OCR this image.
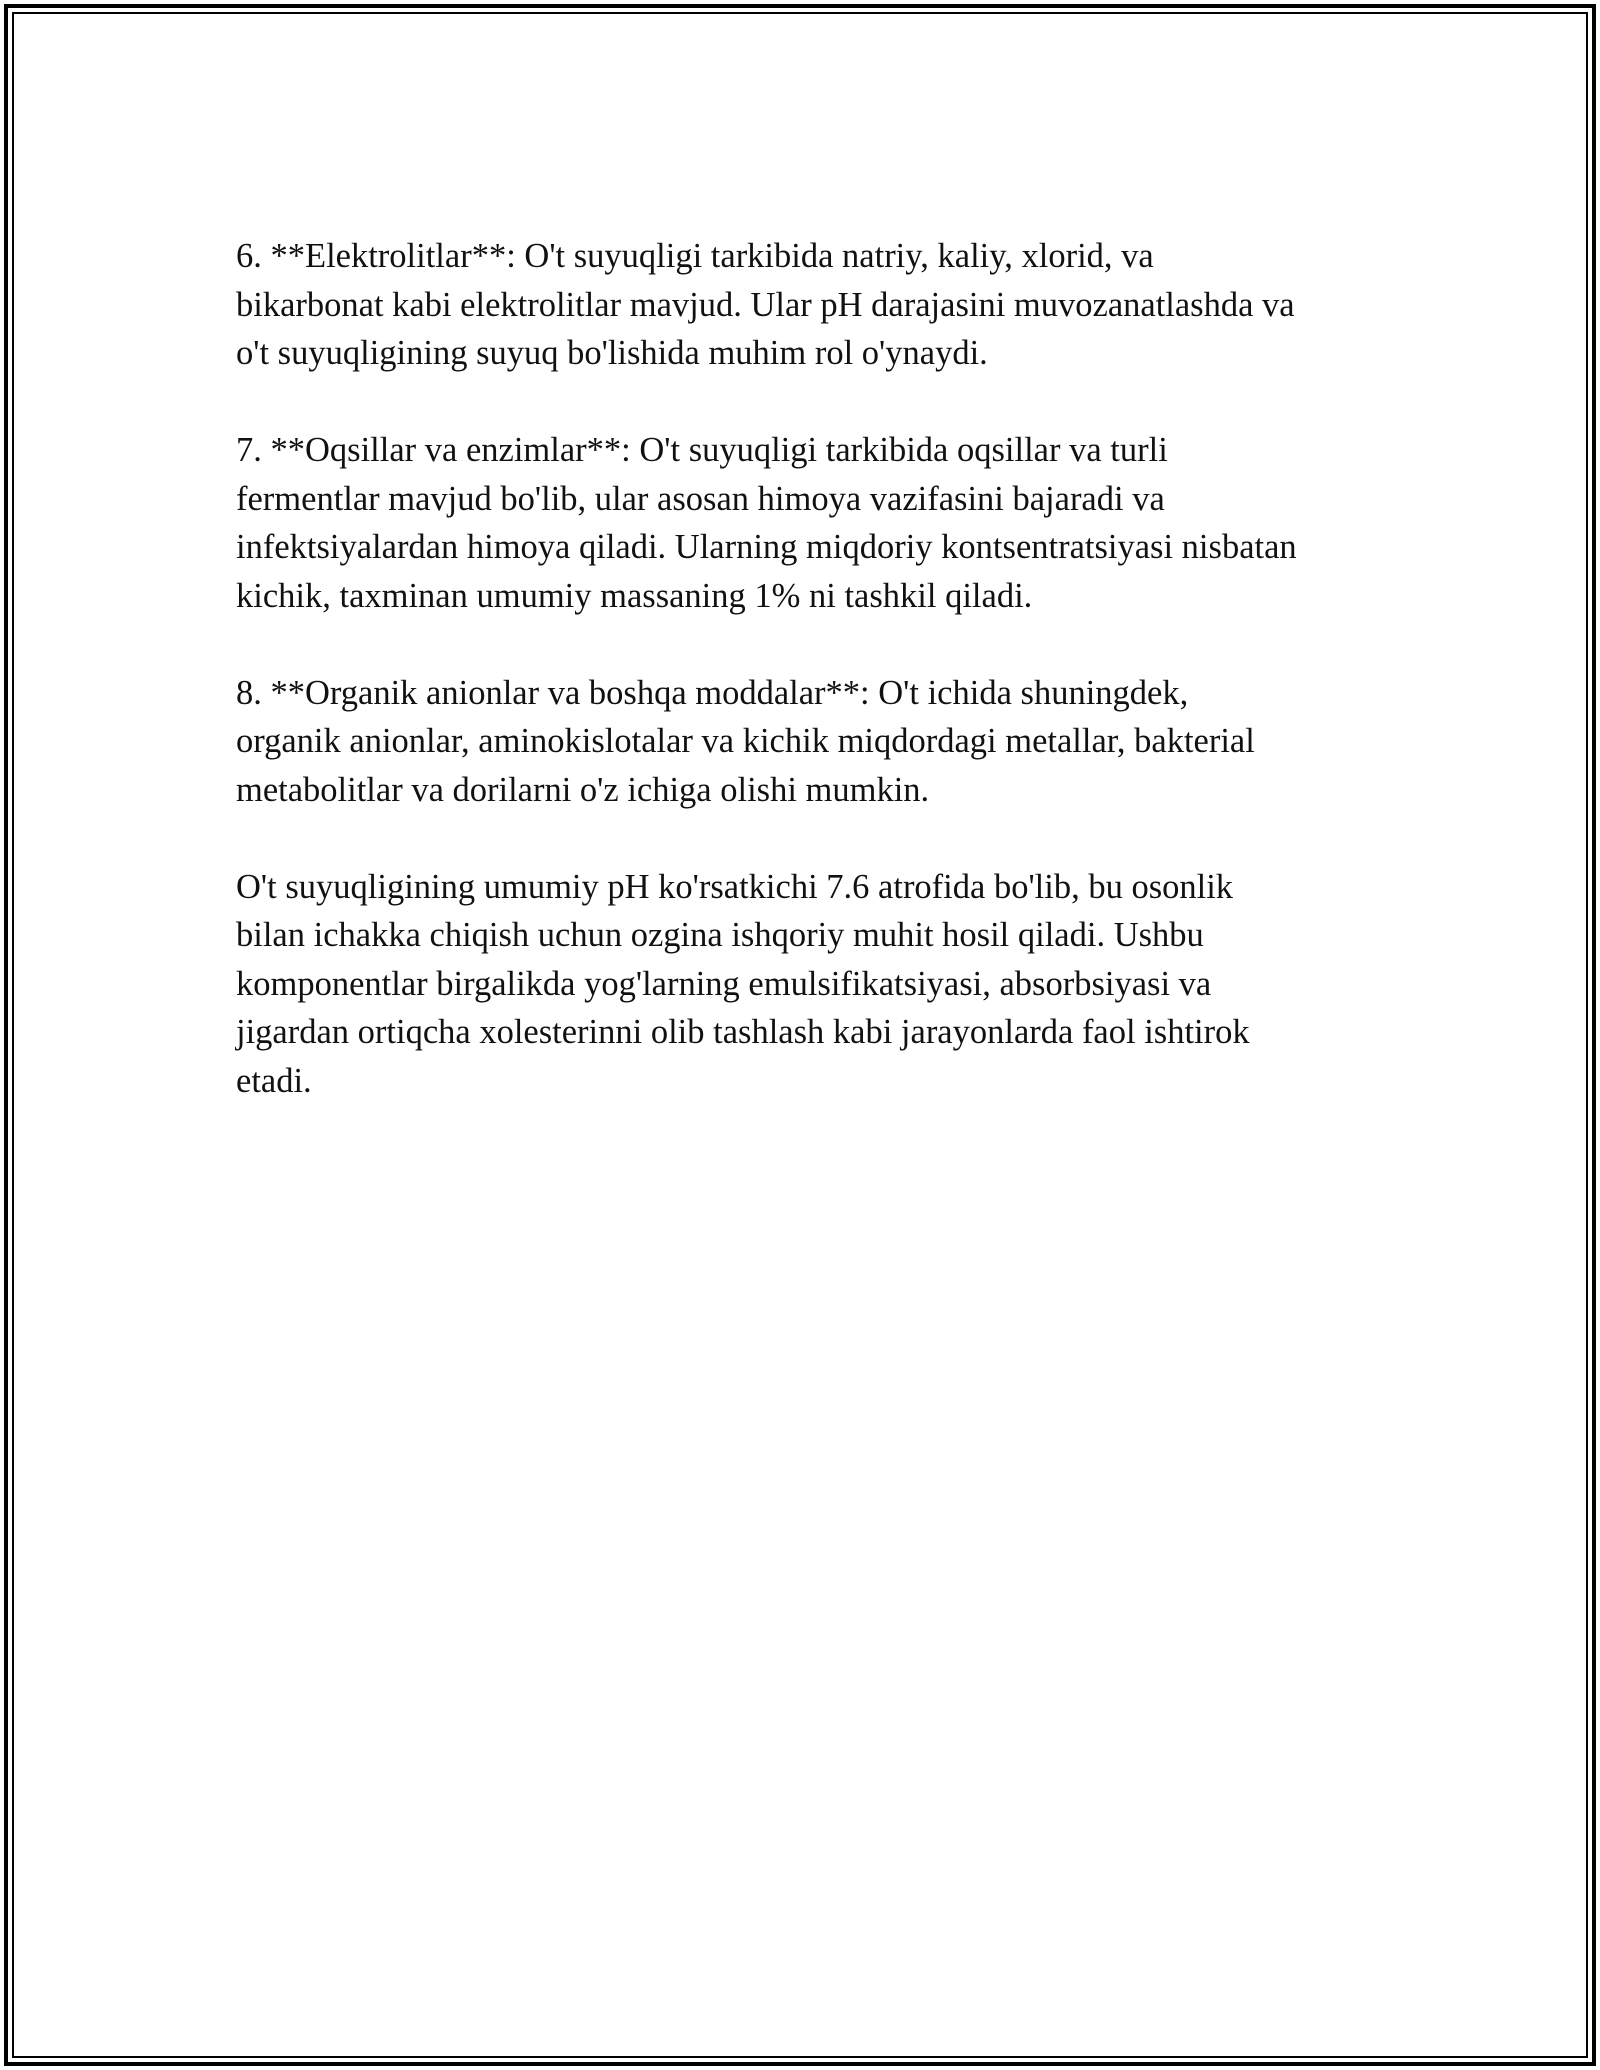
6. **Elektrolitlar**: O't suyuqligi tarkibida natriy, kaliy, xlorid, va
bikarbonat kabi elektrolitlar mavjud. Ular pH darajasini muvozanatlashda va
o't suyuqligining suyuq bo'lishida muhim rol o'ynaydi.

7. **Oqsillar va enzimlar**: O't suyuqligi tarkibida oqsillar va turli
fermentlar mavjud bo'lib, ular asosan himoya vazifasini bajaradi va
infektsiyalardan himoya qiladi. Ularning miqdoriy kontsentratsiyasi nisbatan
kichik, taxminan umumiy massaning 1% ni tashkil qiladi.

8. **Organik anionlar va boshqa moddalar**: O't ichida shuningdek,
organik anionlar, aminokislotalar va kichik miqdordagi metallar, bakterial
metabolitlar va dorilarni o'z ichiga olishi mumkin.

O't suyuqligining umumiy pH ko'rsatkichi 7.6 atrofida bo'lib, bu osonlik
bilan ichakka chiqish uchun ozgina ishqoriy muhit hosil qiladi. Ushbu
komponentlar birgalikda yog'larning emulsifikatsiyasi, absorbsiyasi va
jigardan ortiqcha xolesterinni olib tashlash kabi jarayonlarda faol ishtirok
etadi.
